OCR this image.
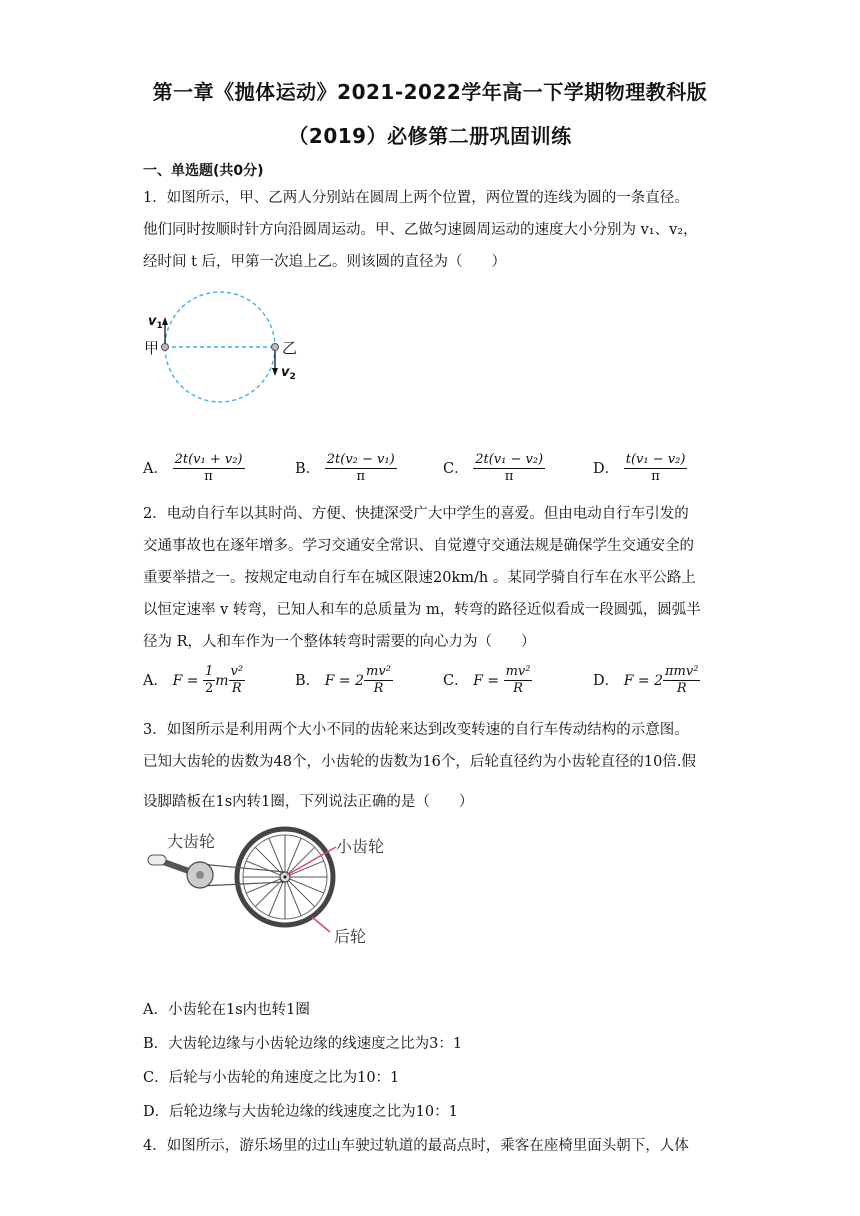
第一章《抛体运动》2021-2022学年高一下学期物理教科版
（2019）必修第二册巩固训练
一、单选题(共0分)
1．如图所示，甲、乙两人分别站在圆周上两个位置，两位置的连线为圆的一条直径。
他们同时按顺时针方向沿圆周运动。甲、乙做匀速圆周运动的速度大小分别为 v₁、v₂，
经时间 t 后，甲第一次追上乙。则该圆的直径为（　　）
甲	乙
$v_1$
$v_2$
A． $\frac{\text{2t(v₁ + v₂)}}{\pi}$	B． $\frac{\text{2t(v₂ − v₁)}}{\pi}$	C． $\frac{\text{2t(v₁ − v₂)}}{\pi}$	D． $\frac{\text{t(v₁ − v₂)}}{\pi}$
2．电动自行车以其时尚、方便、快捷深受广大中学生的喜爱。但由电动自行车引发的
交通事故也在逐年增多。学习交通安全常识、自觉遵守交通法规是确保学生交通安全的
重要举措之一。按规定电动自行车在城区限速20km/h 。某同学骑自行车在水平公路上
以恒定速率 v 转弯，已知人和车的总质量为 m，转弯的路径近似看成一段圆弧，圆弧半
径为 R，人和车作为一个整体转弯时需要的向心力为（　　）
A． $F = \frac{1}{2}$ m $\frac{\text{v²}}{R}$	B． $F = 2 \frac{\text{mv²}}{R}$	C． $F = \frac{\text{mv²}}{R}$	D． $F = 2 \frac{\text{πmv²}}{R}$
3．如图所示是利用两个大小不同的齿轮来达到改变转速的自行车传动结构的示意图。
已知大齿轮的齿数为48个，小齿轮的齿数为16个，后轮直径约为小齿轮直径的10倍.假
设脚踏板在1s内转1圈，下列说法正确的是（　　）
大齿轮	小齿轮
后轮
A．小齿轮在1s内也转1圈
B．大齿轮边缘与小齿轮边缘的线速度之比为3：1
C．后轮与小齿轮的角速度之比为10：1
D．后轮边缘与大齿轮边缘的线速度之比为10：1
4．如图所示，游乐场里的过山车驶过轨道的最高点时，乘客在座椅里面头朝下，人体
